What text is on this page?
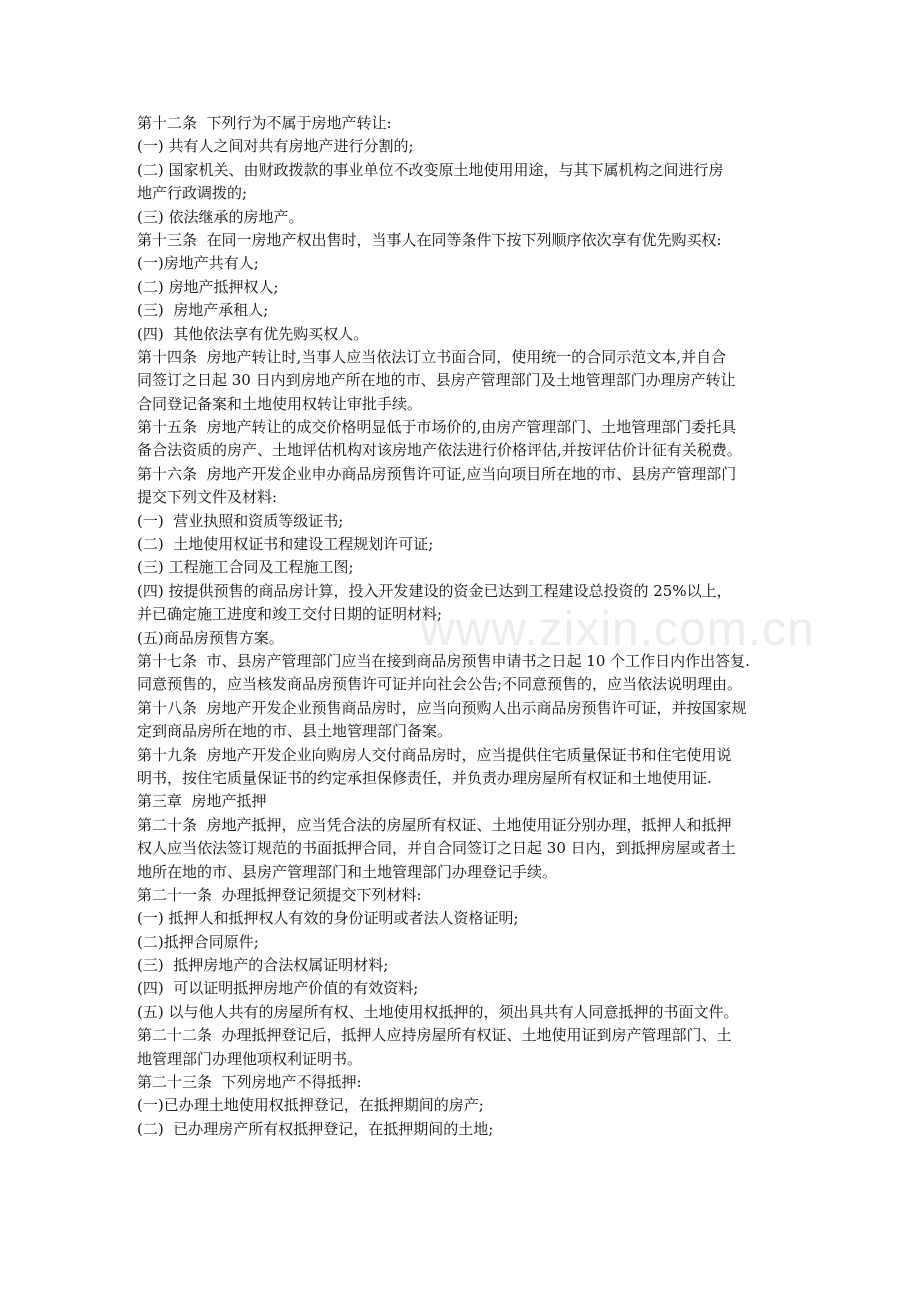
第十二条  下列行为不属于房地产转让:
(一) 共有人之间对共有房地产进行分割的;
(二) 国家机关、由财政拨款的事业单位不改变原土地使用用途，与其下属机构之间进行房
地产行政调拨的;
(三) 依法继承的房地产。
第十三条  在同一房地产权出售时，当事人在同等条件下按下列顺序依次享有优先购买权:
(一)房地产共有人;
(二) 房地产抵押权人;
(三)  房地产承租人;
(四)  其他依法享有优先购买权人。
第十四条  房地产转让时,当事人应当依法订立书面合同，使用统一的合同示范文本,并自合
同签订之日起 30 日内到房地产所在地的市、县房产管理部门及土地管理部门办理房产转让
合同登记备案和土地使用权转让审批手续。
第十五条  房地产转让的成交价格明显低于市场价的,由房产管理部门、土地管理部门委托具
备合法资质的房产、土地评估机构对该房地产依法进行价格评估,并按评估价计征有关税费。
第十六条  房地产开发企业申办商品房预售许可证,应当向项目所在地的市、县房产管理部门
提交下列文件及材料:
(一)  营业执照和资质等级证书;
(二)  土地使用权证书和建设工程规划许可证;
(三) 工程施工合同及工程施工图;
(四) 按提供预售的商品房计算，投入开发建设的资金已达到工程建设总投资的 25%以上，
并已确定施工进度和竣工交付日期的证明材料;
(五)商品房预售方案。
第十七条  市、县房产管理部门应当在接到商品房预售申请书之日起 10 个工作日内作出答复.
同意预售的，应当核发商品房预售许可证并向社会公告;不同意预售的，应当依法说明理由。
第十八条  房地产开发企业预售商品房时，应当向预购人出示商品房预售许可证，并按国家规
定到商品房所在地的市、县土地管理部门备案。
第十九条  房地产开发企业向购房人交付商品房时，应当提供住宅质量保证书和住宅使用说
明书，按住宅质量保证书的约定承担保修责任，并负责办理房屋所有权证和土地使用证.
第三章  房地产抵押
第二十条  房地产抵押，应当凭合法的房屋所有权证、土地使用证分别办理，抵押人和抵押
权人应当依法签订规范的书面抵押合同，并自合同签订之日起 30 日内，到抵押房屋或者土
地所在地的市、县房产管理部门和土地管理部门办理登记手续。
第二十一条  办理抵押登记须提交下列材料:
(一) 抵押人和抵押权人有效的身份证明或者法人资格证明;
(二)抵押合同原件;
(三)  抵押房地产的合法权属证明材料;
(四)  可以证明抵押房地产价值的有效资料;
(五) 以与他人共有的房屋所有权、土地使用权抵押的，须出具共有人同意抵押的书面文件。
第二十二条  办理抵押登记后，抵押人应持房屋所有权证、土地使用证到房产管理部门、土
地管理部门办理他项权利证明书。
第二十三条  下列房地产不得抵押:
(一)已办理土地使用权抵押登记，在抵押期间的房产;
(二)  已办理房产所有权抵押登记，在抵押期间的土地;
www.zixin.com.cn
